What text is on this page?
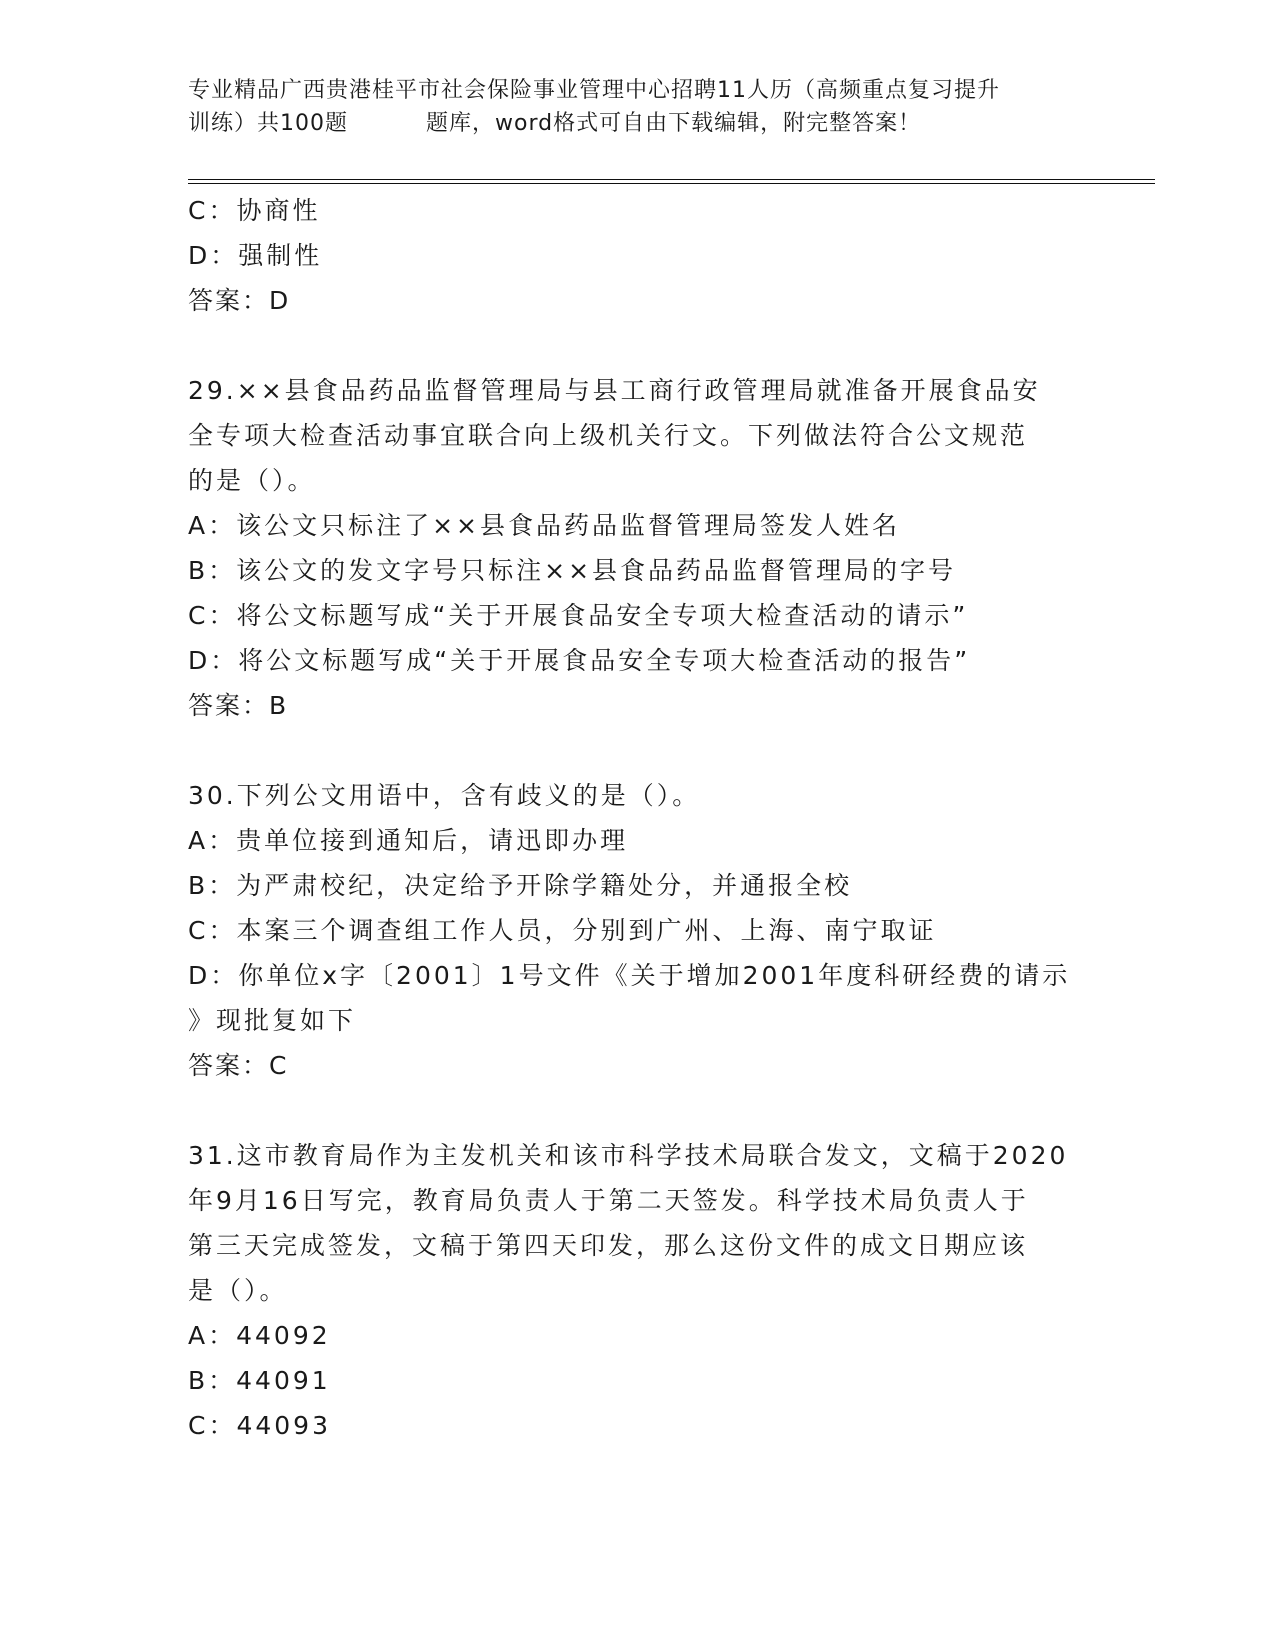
专业精品广西贵港桂平市社会保险事业管理中心招聘11人历（高频重点复习提升
训练）共100题	题库，word格式可自由下载编辑，附完整答案！
C：协商性
D：强制性
答案：D
29.××县食品药品监督管理局与县工商行政管理局就准备开展食品安
全专项大检查活动事宜联合向上级机关行文。下列做法符合公文规范
的是（）。
A：该公文只标注了××县食品药品监督管理局签发人姓名
B：该公文的发文字号只标注××县食品药品监督管理局的字号
C：将公文标题写成“关于开展食品安全专项大检查活动的请示”
D：将公文标题写成“关于开展食品安全专项大检查活动的报告”
答案：B
30.下列公文用语中，含有歧义的是（）。
A：贵单位接到通知后，请迅即办理
B：为严肃校纪，决定给予开除学籍处分，并通报全校
C：本案三个调查组工作人员，分别到广州、上海、南宁取证
D：你单位x字〔2001〕1号文件《关于增加2001年度科研经费的请示
》现批复如下
答案：C
31.这市教育局作为主发机关和该市科学技术局联合发文，文稿于2020
年9月16日写完，教育局负责人于第二天签发。科学技术局负责人于
第三天完成签发，文稿于第四天印发，那么这份文件的成文日期应该
是（）。
A：44092
B：44091
C：44093
